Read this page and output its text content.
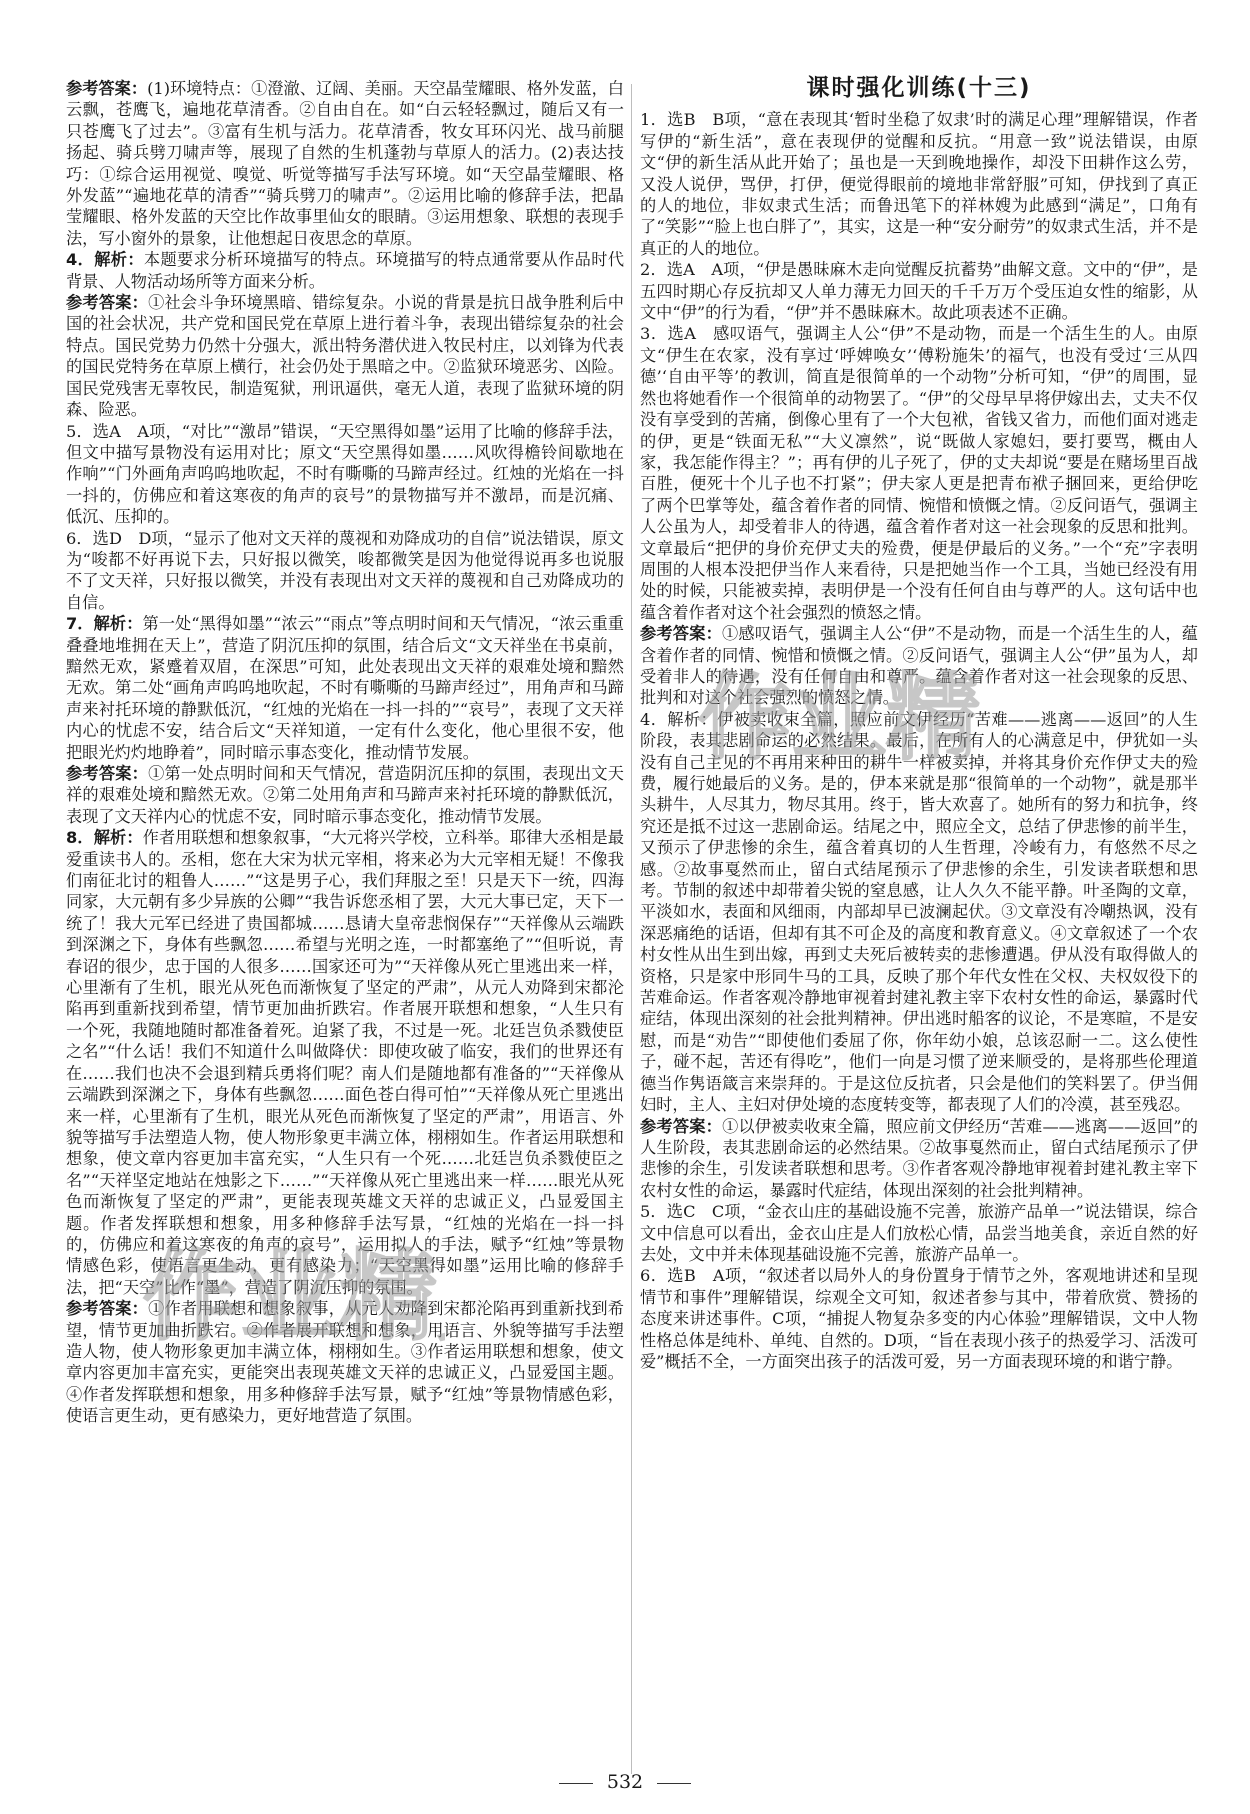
参考答案：(1)环境特点：①澄澈、辽阔、美丽。天空晶莹耀眼、格外发蓝，白云飘，苍鹰飞，遍地花草清香。②自由自在。如“白云轻轻飘过，随后又有一只苍鹰飞了过去”。③富有生机与活力。花草清香，牧女耳环闪光、战马前腿扬起、骑兵劈刀啸声等，展现了自然的生机蓬勃与草原人的活力。(2)表达技巧：①综合运用视觉、嗅觉、听觉等描写手法写环境。如“天空晶莹耀眼、格外发蓝”“遍地花草的清香”“骑兵劈刀的啸声”。②运用比喻的修辞手法，把晶莹耀眼、格外发蓝的天空比作故事里仙女的眼睛。③运用想象、联想的表现手法，写小窗外的景象，让他想起日夜思念的草原。

4．解析：本题要求分析环境描写的特点。环境描写的特点通常要从作品时代背景、人物活动场所等方面来分析。

参考答案：①社会斗争环境黑暗、错综复杂。小说的背景是抗日战争胜利后中国的社会状况，共产党和国民党在草原上进行着斗争，表现出错综复杂的社会特点。国民党势力仍然十分强大，派出特务潜伏进入牧民村庄，以刘锋为代表的国民党特务在草原上横行，社会仍处于黑暗之中。②监狱环境恶劣、凶险。国民党残害无辜牧民，制造冤狱，刑讯逼供，毫无人道，表现了监狱环境的阴森、险恶。

5．选A　A项，“对比”“激昂”错误，“天空黑得如墨”运用了比喻的修辞手法，但文中描写景物没有运用对比；原文“天空黑得如墨……风吹得檐铃间歇地在作响”“门外画角声呜呜地吹起，不时有嘶嘶的马蹄声经过。红烛的光焰在一抖一抖的，仿佛应和着这寒夜的角声的哀号”的景物描写并不激昂，而是沉痛、低沉、压抑的。

6．选D　D项，“显示了他对文天祥的蔑视和劝降成功的自信”说法错误，原文为“唆都不好再说下去，只好报以微笑，唆都微笑是因为他觉得说再多也说服不了文天祥，只好报以微笑，并没有表现出对文天祥的蔑视和自己劝降成功的自信。

7．解析：第一处“黑得如墨”“浓云”“雨点”等点明时间和天气情况，“浓云重重叠叠地堆拥在天上”，营造了阴沉压抑的氛围，结合后文“文天祥坐在书桌前，黯然无欢，紧蹙着双眉，在深思”可知，此处表现出文天祥的艰难处境和黯然无欢。第二处“画角声呜呜地吹起，不时有嘶嘶的马蹄声经过”，用角声和马蹄声来衬托环境的静默低沉，“红烛的光焰在一抖一抖的”“哀号”，表现了文天祥内心的忧虑不安，结合后文“天祥知道，一定有什么变化，他心里很不安，他把眼光灼灼地睁着”，同时暗示事态变化，推动情节发展。

参考答案：①第一处点明时间和天气情况，营造阴沉压抑的氛围，表现出文天祥的艰难处境和黯然无欢。②第二处用角声和马蹄声来衬托环境的静默低沉，表现了文天祥内心的忧虑不安，同时暗示事态变化，推动情节发展。

8．解析：作者用联想和想象叙事，“大元将兴学校，立科举。耶律大丞相是最爱重读书人的。丞相，您在大宋为状元宰相，将来必为大元宰相无疑！不像我们南征北讨的粗鲁人……”“这是男子心，我们拜服之至！只是天下一统，四海同家，大元朝有多少异族的公卿”“我告诉您丞相了罢，大元大事已定，天下一统了！我大元军已经进了贵国都城……恳请大皇帝悲悯保存”“天祥像从云端跌到深渊之下，身体有些飘忽……希望与光明之连，一时都塞绝了”“但听说，青春诏的很少，忠于国的人很多……国家还可为”“天祥像从死亡里逃出来一样，心里渐有了生机，眼光从死色而渐恢复了坚定的严肃”，从元人劝降到宋都沦陷再到重新找到希望，情节更加曲折跌宕。作者展开联想和想象，“人生只有一个死，我随地随时都准备着死。迫紧了我，不过是一死。北廷岂负杀戮使臣之名”“什么话！我们不知道什么叫做降伏：即使攻破了临安，我们的世界还有在……我们也决不会退到精兵勇将们呢？南人们是随地都有准备的”“天祥像从云端跌到深渊之下，身体有些飘忽……面色苍白得可怕”“天祥像从死亡里逃出来一样，心里渐有了生机，眼光从死色而渐恢复了坚定的严肃”，用语言、外貌等描写手法塑造人物，使人物形象更丰满立体，栩栩如生。作者运用联想和想象，使文章内容更加丰富充实，“人生只有一个死……北廷岂负杀戮使臣之名”“天祥坚定地站在烛影之下……”“天祥像从死亡里逃出来一样……眼光从死色而渐恢复了坚定的严肃”，更能表现英雄文天祥的忠诚正义，凸显爱国主题。作者发挥联想和想象，用多种修辞手法写景，“红烛的光焰在一抖一抖的，仿佛应和着这寒夜的角声的哀号”，运用拟人的手法，赋予“红烛”等景物情感色彩，使语言更生动，更有感染力；“天空黑得如墨”运用比喻的修辞手法，把“天空”比作“墨”，营造了阴沉压抑的氛围。

参考答案：①作者用联想和想象叙事，从元人劝降到宋都沦陷再到重新找到希望，情节更加曲折跌宕。②作者展开联想和想象，用语言、外貌等描写手法塑造人物，使人物形象更加丰满立体，栩栩如生。③作者运用联想和想象，使文章内容更加丰富充实，更能突出表现英雄文天祥的忠诚正义，凸显爱国主题。④作者发挥联想和想象，用多种修辞手法写景，赋予“红烛”等景物情感色彩，使语言更生动，更有感染力，更好地营造了氛围。

课时强化训练(十三)

1．选B　B项，“意在表现其‘暂时坐稳了奴隶’时的满足心理”理解错误，作者写伊的“新生活”，意在表现伊的觉醒和反抗。“用意一致”说法错误，由原文“伊的新生活从此开始了；虽也是一天到晚地操作，却没下田耕作这么劳，又没人说伊，骂伊，打伊，便觉得眼前的境地非常舒服”可知，伊找到了真正的人的地位，非奴隶式生活；而鲁迅笔下的祥林嫂为此感到“满足”，口角有了“笑影”“脸上也白胖了”，其实，这是一种“安分耐劳”的奴隶式生活，并不是真正的人的地位。

2．选A　A项，“伊是愚昧麻木走向觉醒反抗蓄势”曲解文意。文中的“伊”，是五四时期心存反抗却又人单力薄无力回天的千千万万个受压迫女性的缩影，从文中“伊”的行为看，“伊”并不愚昧麻木。故此项表述不正确。

3．选A　感叹语气，强调主人公“伊”不是动物，而是一个活生生的人。由原文“伊生在农家，没有享过‘呼婢唤女’‘傅粉施朱’的福气，也没有受过‘三从四德’‘自由平等’的教训，简直是很简单的一个动物”分析可知，“伊”的周围，显然也将她看作一个很简单的动物罢了。“伊”的父母早早将伊嫁出去，丈夫不仅没有享受到的苦痛，倒像心里有了一个大包袱，省钱又省力，而他们面对逃走的伊，更是“铁面无私”“大义凛然”，说“既做人家媳妇，要打要骂，概由人家，我怎能作得主？”；再有伊的儿子死了，伊的丈夫却说“要是在赌场里百战百胜，便死十个儿子也不打紧”；伊夫家人更是把青布袱子捆回来，更给伊吃了两个巴掌等处，蕴含着作者的同情、惋惜和愤慨之情。②反问语气，强调主人公虽为人，却受着非人的待遇，蕴含着作者对这一社会现象的反思和批判。文章最后“把伊的身价充伊丈夫的殓费，便是伊最后的义务。”一个“充”字表明周围的人根本没把伊当作人来看待，只是把她当作一个工具，当她已经没有用处的时候，只能被卖掉，表明伊是一个没有任何自由与尊严的人。这句话中也蕴含着作者对这个社会强烈的愤怒之情。

参考答案：①感叹语气，强调主人公“伊”不是动物，而是一个活生生的人，蕴含着作者的同情、惋惜和愤慨之情。②反问语气，强调主人公“伊”虽为人，却受着非人的待遇，没有任何自由和尊严。蕴含着作者对这一社会现象的反思、批判和对这个社会强烈的愤怒之情。

4．解析：伊被卖收束全篇，照应前文伊经历“苦难——逃离——返回”的人生阶段，表其悲剧命运的必然结果。最后，在所有人的心满意足中，伊犹如一头没有自己主见的不再用来种田的耕牛一样被卖掉，并将其身价充作伊丈夫的殓费，履行她最后的义务。是的，伊本来就是那“很简单的一个动物”，就是那半头耕牛，人尽其力，物尽其用。终于，皆大欢喜了。她所有的努力和抗争，终究还是抵不过这一悲剧命运。结尾之中，照应全文，总结了伊悲惨的前半生，又预示了伊悲惨的余生，蕴含着真切的人生哲理，冷峻有力，有悠然不尽之感。②故事戛然而止，留白式结尾预示了伊悲惨的余生，引发读者联想和思考。节制的叙述中却带着尖锐的窒息感，让人久久不能平静。叶圣陶的文章，平淡如水，表面和风细雨，内部却早已波澜起伏。③文章没有冷嘲热讽，没有深恶痛绝的话语，但却有其不可企及的高度和教育意义。④文章叙述了一个农村女性从出生到出嫁，再到丈夫死后被转卖的悲惨遭遇。伊从没有取得做人的资格，只是家中形同牛马的工具，反映了那个年代女性在父权、夫权奴役下的苦难命运。作者客观冷静地审视着封建礼教主宰下农村女性的命运，暴露时代症结，体现出深刻的社会批判精神。伊出逃时船客的议论，不是寒暄，不是安慰，而是“劝告”“即使他们委屈了你，你年幼小娘，总该忍耐一二。这么使性子，碰不起，苦还有得吃”，他们一向是习惯了逆来顺受的，是将那些伦理道德当作隽语箴言来崇拜的。于是这位反抗者，只会是他们的笑料罢了。伊当佣妇时，主人、主妇对伊处境的态度转变等，都表现了人们的冷漠，甚至残忍。

参考答案：①以伊被卖收束全篇，照应前文伊经历“苦难——逃离——返回”的人生阶段，表其悲剧命运的必然结果。②故事戛然而止，留白式结尾预示了伊悲惨的余生，引发读者联想和思考。③作者客观冷静地审视着封建礼教主宰下农村女性的命运，暴露时代症结，体现出深刻的社会批判精神。

5．选C　C项，“金衣山庄的基础设施不完善，旅游产品单一”说法错误，综合文中信息可以看出，金衣山庄是人们放松心情，品尝当地美食，亲近自然的好去处，文中并未体现基础设施不完善，旅游产品单一。

6．选B　A项，“叙述者以局外人的身份置身于情节之外，客观地讲述和呈现情节和事件”理解错误，综观全文可知，叙述者参与其中，带着欣赏、赞扬的态度来讲述事件。C项，“捕捉人物复杂多变的内心体验”理解错误，文中人物性格总体是纯朴、单纯、自然的。D项，“旨在表现小孩子的热爱学习、活泼可爱”概括不全，一方面突出孩子的活泼可爱，另一方面表现环境的和谐宁静。

作业精
作业精
532
